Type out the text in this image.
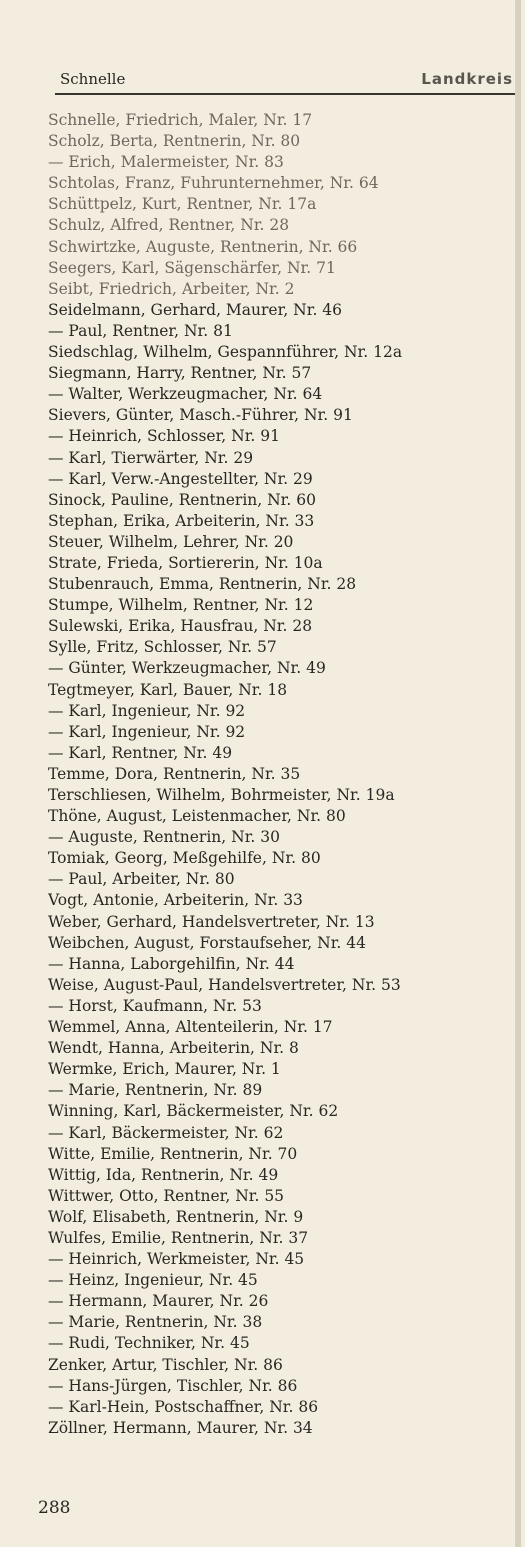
Schnelle	Landkreis
Schnelle, Friedrich, Maler, Nr. 17
Scholz, Berta, Rentnerin, Nr. 80
— Erich, Malermeister, Nr. 83
Schtolas, Franz, Fuhrunternehmer, Nr. 64
Schüttpelz, Kurt, Rentner, Nr. 17a
Schulz, Alfred, Rentner, Nr. 28
Schwirtzke, Auguste, Rentnerin, Nr. 66
Seegers, Karl, Sägenschärfer, Nr. 71
Seibt, Friedrich, Arbeiter, Nr. 2
Seidelmann, Gerhard, Maurer, Nr. 46
— Paul, Rentner, Nr. 81
Siedschlag, Wilhelm, Gespannführer, Nr. 12a
Siegmann, Harry, Rentner, Nr. 57
— Walter, Werkzeugmacher, Nr. 64
Sievers, Günter, Masch.-Führer, Nr. 91
— Heinrich, Schlosser, Nr. 91
— Karl, Tierwärter, Nr. 29
— Karl, Verw.-Angestellter, Nr. 29
Sinock, Pauline, Rentnerin, Nr. 60
Stephan, Erika, Arbeiterin, Nr. 33
Steuer, Wilhelm, Lehrer, Nr. 20
Strate, Frieda, Sortiererin, Nr. 10a
Stubenrauch, Emma, Rentnerin, Nr. 28
Stumpe, Wilhelm, Rentner, Nr. 12
Sulewski, Erika, Hausfrau, Nr. 28
Sylle, Fritz, Schlosser, Nr. 57
— Günter, Werkzeugmacher, Nr. 49
Tegtmeyer, Karl, Bauer, Nr. 18
— Karl, Ingenieur, Nr. 92
— Karl, Ingenieur, Nr. 92
— Karl, Rentner, Nr. 49
Temme, Dora, Rentnerin, Nr. 35
Terschliesen, Wilhelm, Bohrmeister, Nr. 19a
Thöne, August, Leistenmacher, Nr. 80
— Auguste, Rentnerin, Nr. 30
Tomiak, Georg, Meßgehilfe, Nr. 80
— Paul, Arbeiter, Nr. 80
Vogt, Antonie, Arbeiterin, Nr. 33
Weber, Gerhard, Handelsvertreter, Nr. 13
Weibchen, August, Forstaufseher, Nr. 44
— Hanna, Laborgehilfin, Nr. 44
Weise, August-Paul, Handelsvertreter, Nr. 53
— Horst, Kaufmann, Nr. 53
Wemmel, Anna, Altenteilerin, Nr. 17
Wendt, Hanna, Arbeiterin, Nr. 8
Wermke, Erich, Maurer, Nr. 1
— Marie, Rentnerin, Nr. 89
Winning, Karl, Bäckermeister, Nr. 62
— Karl, Bäckermeister, Nr. 62
Witte, Emilie, Rentnerin, Nr. 70
Wittig, Ida, Rentnerin, Nr. 49
Wittwer, Otto, Rentner, Nr. 55
Wolf, Elisabeth, Rentnerin, Nr. 9
Wulfes, Emilie, Rentnerin, Nr. 37
— Heinrich, Werkmeister, Nr. 45
— Heinz, Ingenieur, Nr. 45
— Hermann, Maurer, Nr. 26
— Marie, Rentnerin, Nr. 38
— Rudi, Techniker, Nr. 45
Zenker, Artur, Tischler, Nr. 86
— Hans-Jürgen, Tischler, Nr. 86
— Karl-Hein, Postschaffner, Nr. 86
Zöllner, Hermann, Maurer, Nr. 34
288
